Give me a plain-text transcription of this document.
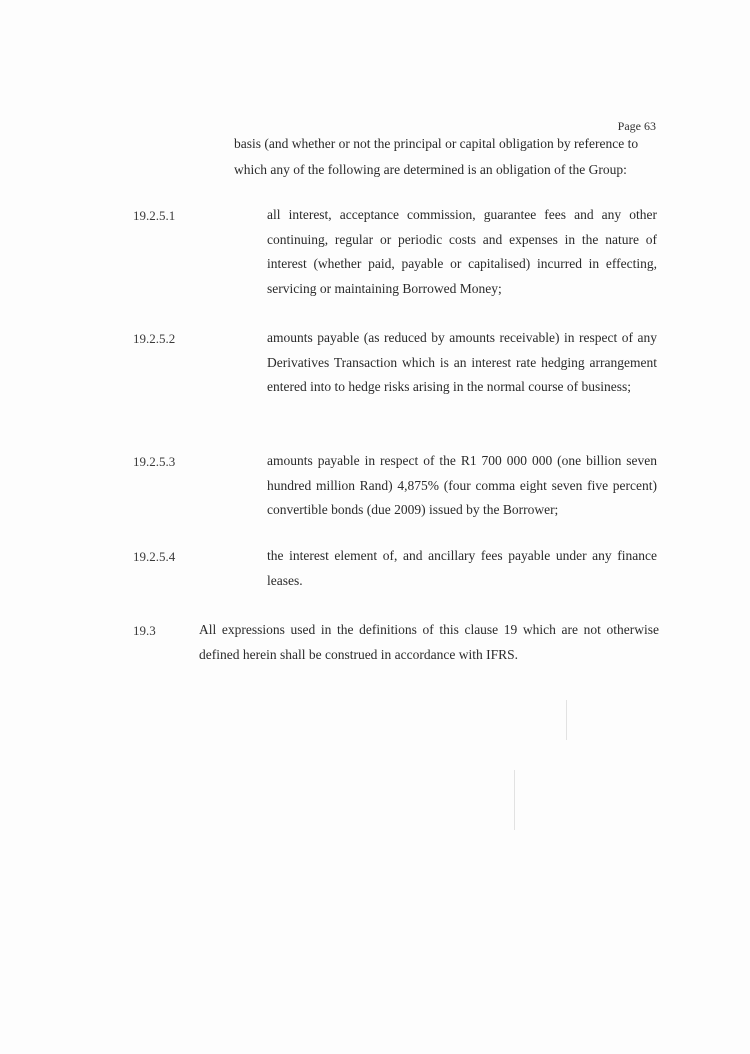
Page 63

basis (and whether or not the principal or capital obligation by reference to which any of the following are determined is an obligation of the Group:

19.2.5.1	all interest, acceptance commission, guarantee fees and any other continuing, regular or periodic costs and expenses in the nature of interest (whether paid, payable or capitalised) incurred in effecting, servicing or maintaining Borrowed Money;

19.2.5.2	amounts payable (as reduced by amounts receivable) in respect of any Derivatives Transaction which is an interest rate hedging arrangement entered into to hedge risks arising in the normal course of business;

19.2.5.3	amounts payable in respect of the R1 700 000 000 (one billion seven hundred million Rand) 4,875% (four comma eight seven five percent) convertible bonds (due 2009) issued by the Borrower;

19.2.5.4	the interest element of, and ancillary fees payable under any finance leases.

19.3	All expressions used in the definitions of this clause 19 which are not otherwise defined herein shall be construed in accordance with IFRS.
